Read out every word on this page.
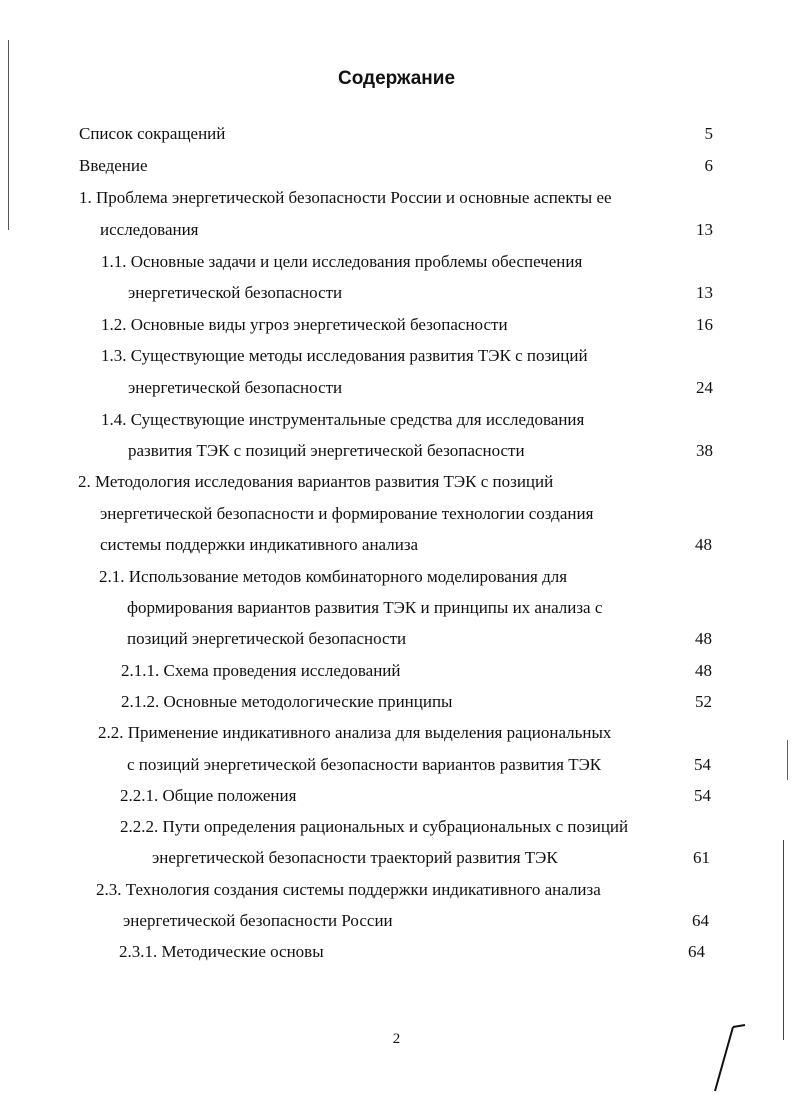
Содержание
Список сокращений	5
Введение	6
1. Проблема энергетической безопасности России и основные аспекты ее
исследования	13
1.1. Основные задачи и цели исследования проблемы обеспечения
энергетической безопасности	13
1.2. Основные виды угроз энергетической безопасности	16
1.3. Существующие методы исследования развития ТЭК с позиций
энергетической безопасности	24
1.4. Существующие инструментальные средства для исследования
развития ТЭК с позиций энергетической безопасности	38
2. Методология исследования вариантов развития ТЭК с позиций
энергетической безопасности и формирование технологии создания
системы поддержки индикативного анализа	48
2.1. Использование методов комбинаторного моделирования для
формирования вариантов развития ТЭК и принципы их анализа с
позиций энергетической безопасности	48
2.1.1. Схема проведения исследований	48
2.1.2. Основные методологические принципы	52
2.2. Применение индикативного анализа для выделения рациональных
с позиций энергетической безопасности вариантов развития ТЭК	54
2.2.1. Общие положения	54
2.2.2. Пути определения рациональных и субрациональных с позиций
энергетической безопасности траекторий развития ТЭК	61
2.3. Технология создания системы поддержки индикативного анализа
энергетической безопасности России	64
2.3.1. Методические основы	64
2
